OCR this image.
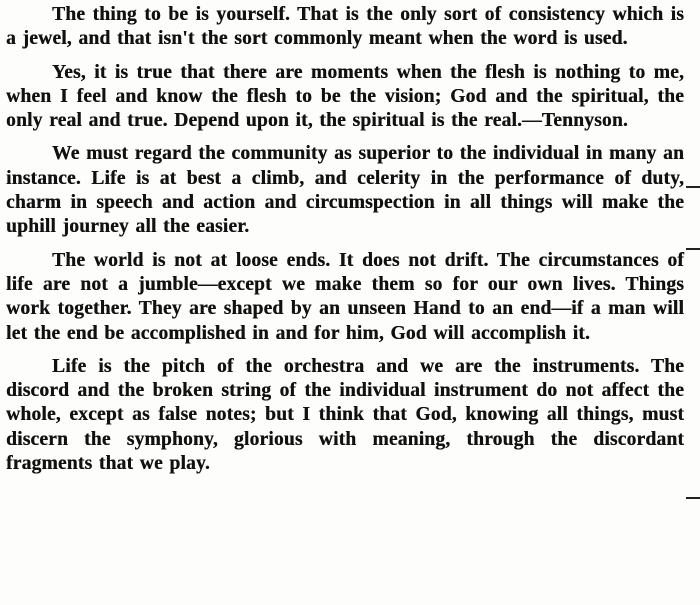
The thing to be is yourself. That is the only sort of consistency which is a jewel, and that isn't the sort commonly meant when the word is used.

Yes, it is true that there are moments when the flesh is nothing to me, when I feel and know the flesh to be the vision; God and the spiritual, the only real and true. Depend upon it, the spiritual is the real.—Tennyson.

We must regard the community as superior to the individual in many an instance. Life is at best a climb, and celerity in the performance of duty, charm in speech and action and circumspection in all things will make the uphill journey all the easier.

The world is not at loose ends. It does not drift. The circumstances of life are not a jumble—except we make them so for our own lives. Things work together. They are shaped by an unseen Hand to an end—if a man will let the end be accomplished in and for him, God will accomplish it.

Life is the pitch of the orchestra and we are the instruments. The discord and the broken string of the individual instrument do not affect the whole, except as false notes; but I think that God, knowing all things, must discern the symphony, glorious with meaning, through the discordant fragments that we play.
